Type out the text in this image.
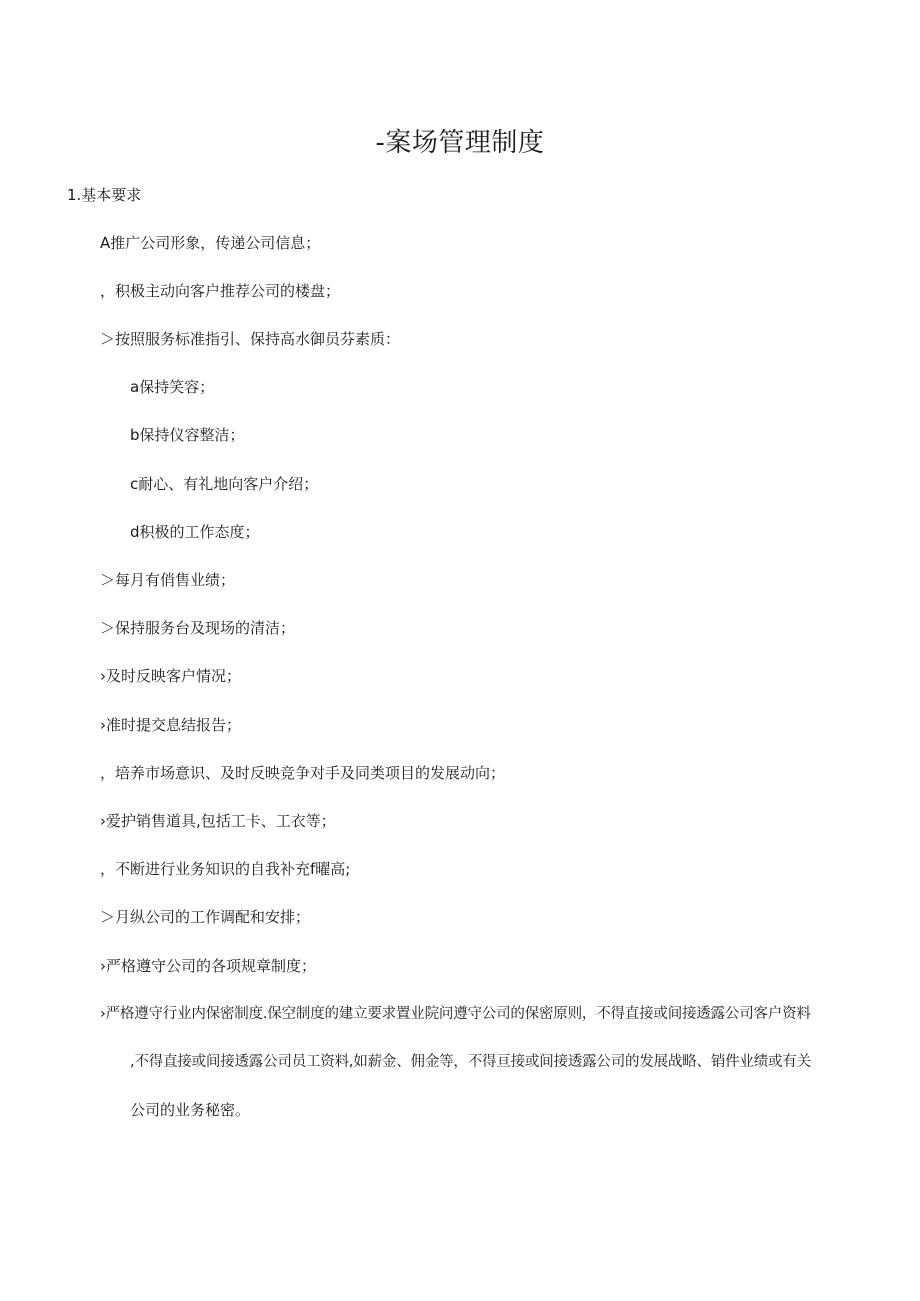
-案场管理制度
1.基本要求
A推广公司形象，传递公司信息；
，积极主动向客户推荐公司的楼盘；
＞按照服务标准指引、保持高水御员芬素质：
a保持笑容；
b保持仪容整洁；
c耐心、有礼地向客户介绍；
d积极的工作态度；
＞每月有俏售业绩；
＞保持服务台及现场的清洁；
›及时反映客户情况；
›准时提交息结报告；
，培养市场意识、及时反映竞争对手及同类项目的发展动向；
›爱护销售道具,包括工卡、工衣等；
，不断进行业务知识的自我补充f曜高;
＞月纵公司的工作调配和安排；
›严格遵守公司的各项规章制度；
›严格遵守行业内保密制度.保空制度的建立要求置业院问遵守公司的保密原则，不得直接或间接透露公司客户资料
,不得直接或间接透露公司员工资料,如薪金、佣金等，不得亘接或间接透露公司的发展战略、销件业绩或有关
公司的业务秘密。
